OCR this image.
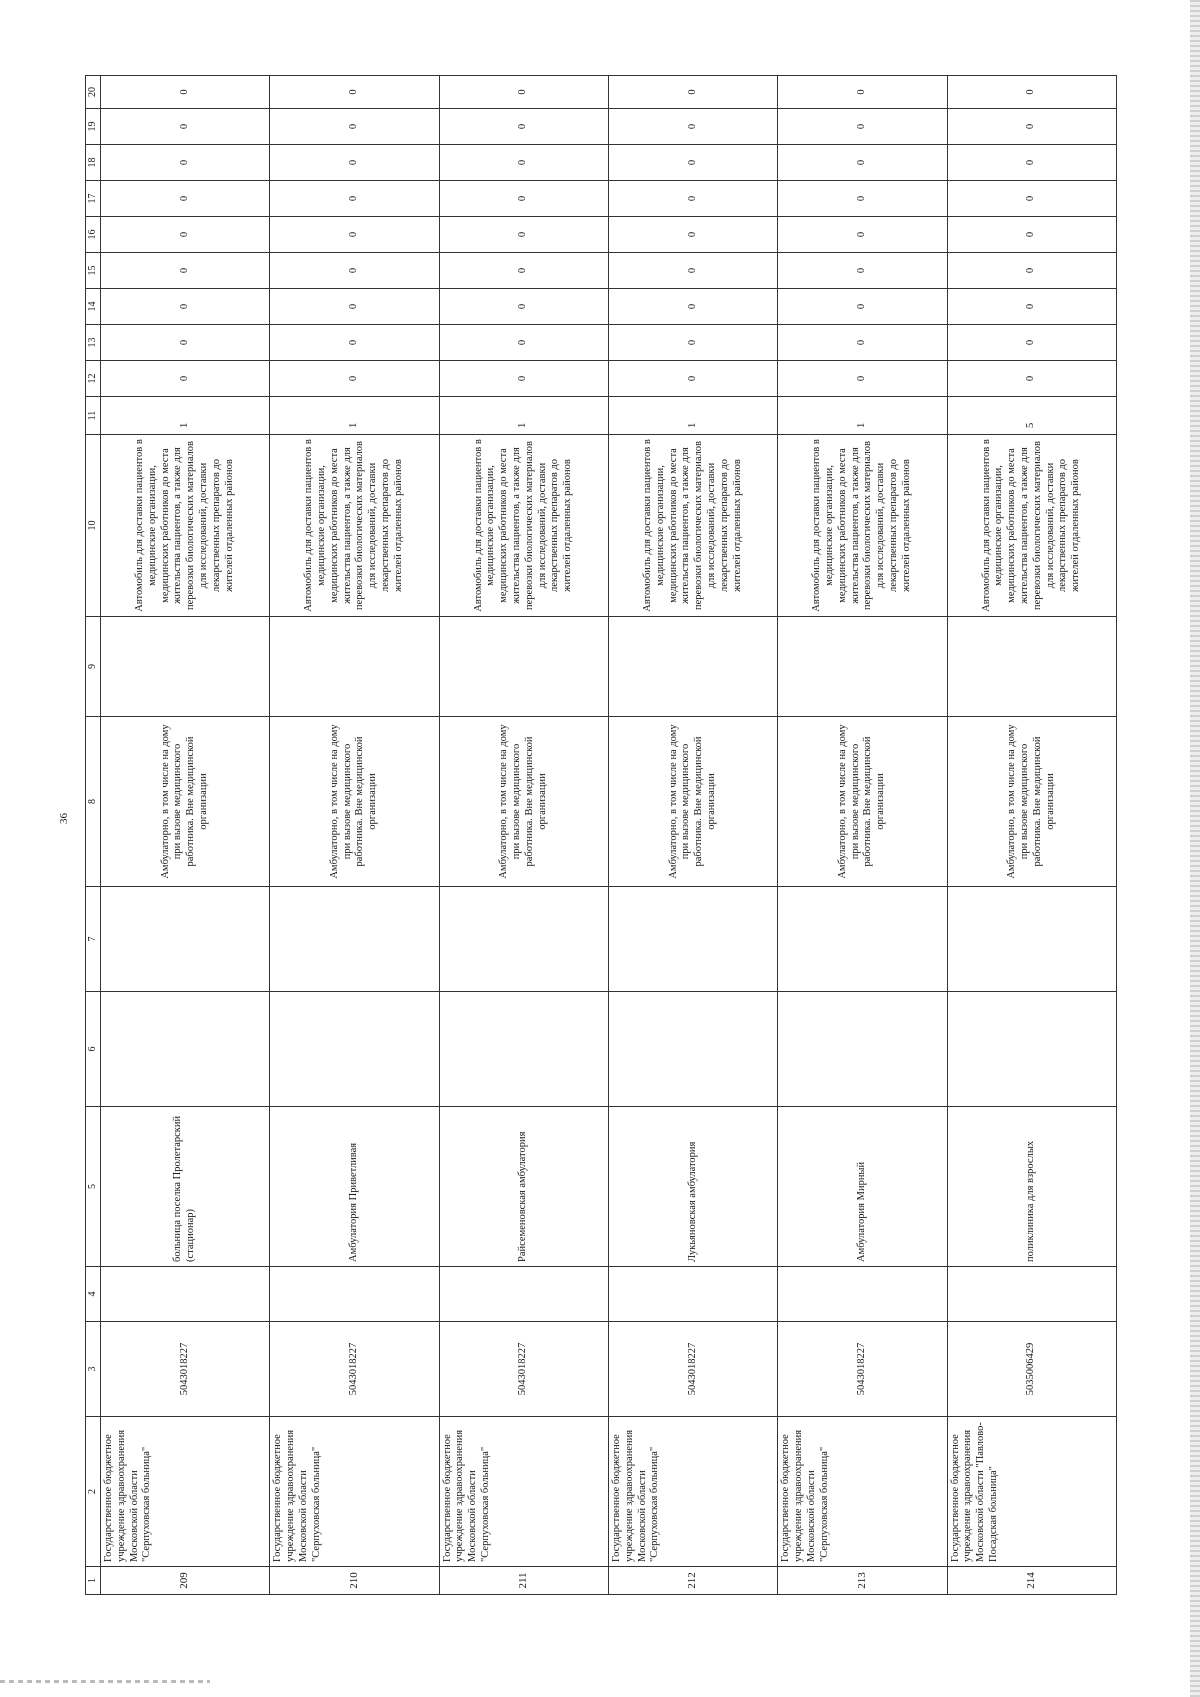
36
1	2	3	4	5	6	7	8	9	10	11	12	13	14	15	16	17	18	19	20
209	Государственное бюджетное учреждение здравоохранения Московской области "Серпуховская больница"	5043018227		больница поселка Пролетарский (стационар)			Амбулаторно, в том числе на дому при вызове медицинского работника. Вне медицинской организации		Автомобиль для доставки пациентов в медицинские организации, медицинских работников до места жительства пациентов, а также для перевозки биологических материалов для исследований, доставки лекарственных препаратов до жителей отдаленных районов	1	0	0	0	0	0	0	0	0	0
210	Государственное бюджетное учреждение здравоохранения Московской области "Серпуховская больница"	5043018227		Амбулатория Приветливая			Амбулаторно, в том числе на дому при вызове медицинского работника. Вне медицинской организации		Автомобиль для доставки пациентов в медицинские организации, медицинских работников до места жительства пациентов, а также для перевозки биологических материалов для исследований, доставки лекарственных препаратов до жителей отдаленных районов	1	0	0	0	0	0	0	0	0	0
211	Государственное бюджетное учреждение здравоохранения Московской области "Серпуховская больница"	5043018227		Райсеменовская амбулатория			Амбулаторно, в том числе на дому при вызове медицинского работника. Вне медицинской организации		Автомобиль для доставки пациентов в медицинские организации, медицинских работников до места жительства пациентов, а также для перевозки биологических материалов для исследований, доставки лекарственных препаратов до жителей отдаленных районов	1	0	0	0	0	0	0	0	0	0
212	Государственное бюджетное учреждение здравоохранения Московской области "Серпуховская больница"	5043018227		Лукьяновская амбулатория			Амбулаторно, в том числе на дому при вызове медицинского работника. Вне медицинской организации		Автомобиль для доставки пациентов в медицинские организации, медицинских работников до места жительства пациентов, а также для перевозки биологических материалов для исследований, доставки лекарственных препаратов до жителей отдаленных районов	1	0	0	0	0	0	0	0	0	0
213	Государственное бюджетное учреждение здравоохранения Московской области "Серпуховская больница"	5043018227		Амбулатория Мирный			Амбулаторно, в том числе на дому при вызове медицинского работника. Вне медицинской организации		Автомобиль для доставки пациентов в медицинские организации, медицинских работников до места жительства пациентов, а также для перевозки биологических материалов для исследований, доставки лекарственных препаратов до жителей отдаленных районов	1	0	0	0	0	0	0	0	0	0
214	Государственное бюджетное учреждение здравоохранения Московской области "Павлово-Посадская больница"	5035006429		поликлиника для взрослых			Амбулаторно, в том числе на дому при вызове медицинского работника. Вне медицинской организации		Автомобиль для доставки пациентов в медицинские организации, медицинских работников до места жительства пациентов, а также для перевозки биологических материалов для исследований, доставки лекарственных препаратов до жителей отдаленных районов	5	0	0	0	0	0	0	0	0	0
